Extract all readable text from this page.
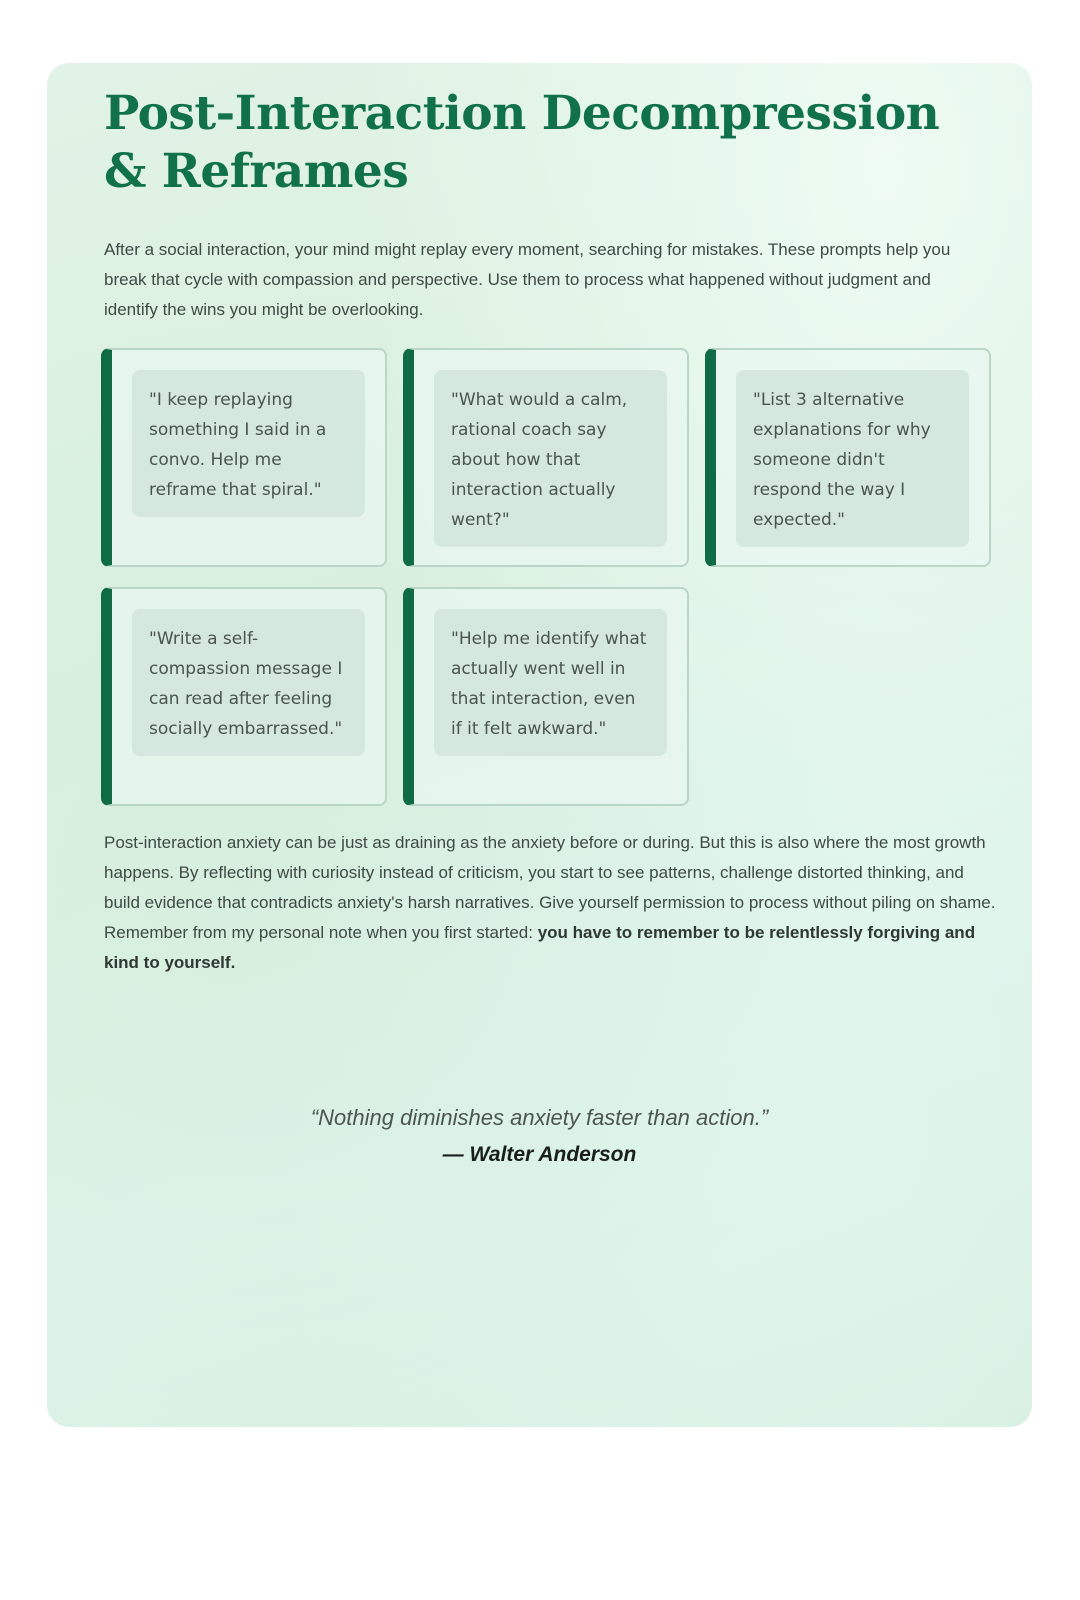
Post-Interaction Decompression & Reframes

After a social interaction, your mind might replay every moment, searching for mistakes. These prompts help you break that cycle with compassion and perspective. Use them to process what happened without judgment and identify the wins you might be overlooking.

"I keep replaying something I said in a convo. Help me reframe that spiral."
"What would a calm, rational coach say about how that interaction actually went?"
"List 3 alternative explanations for why someone didn't respond the way I expected."
"Write a self-compassion message I can read after feeling socially embarrassed."
"Help me identify what actually went well in that interaction, even if it felt awkward."

Post-interaction anxiety can be just as draining as the anxiety before or during. But this is also where the most growth happens. By reflecting with curiosity instead of criticism, you start to see patterns, challenge distorted thinking, and build evidence that contradicts anxiety's harsh narratives. Give yourself permission to process without piling on shame. Remember from my personal note when you first started: you have to remember to be relentlessly forgiving and kind to yourself.

“Nothing diminishes anxiety faster than action.”
— Walter Anderson
